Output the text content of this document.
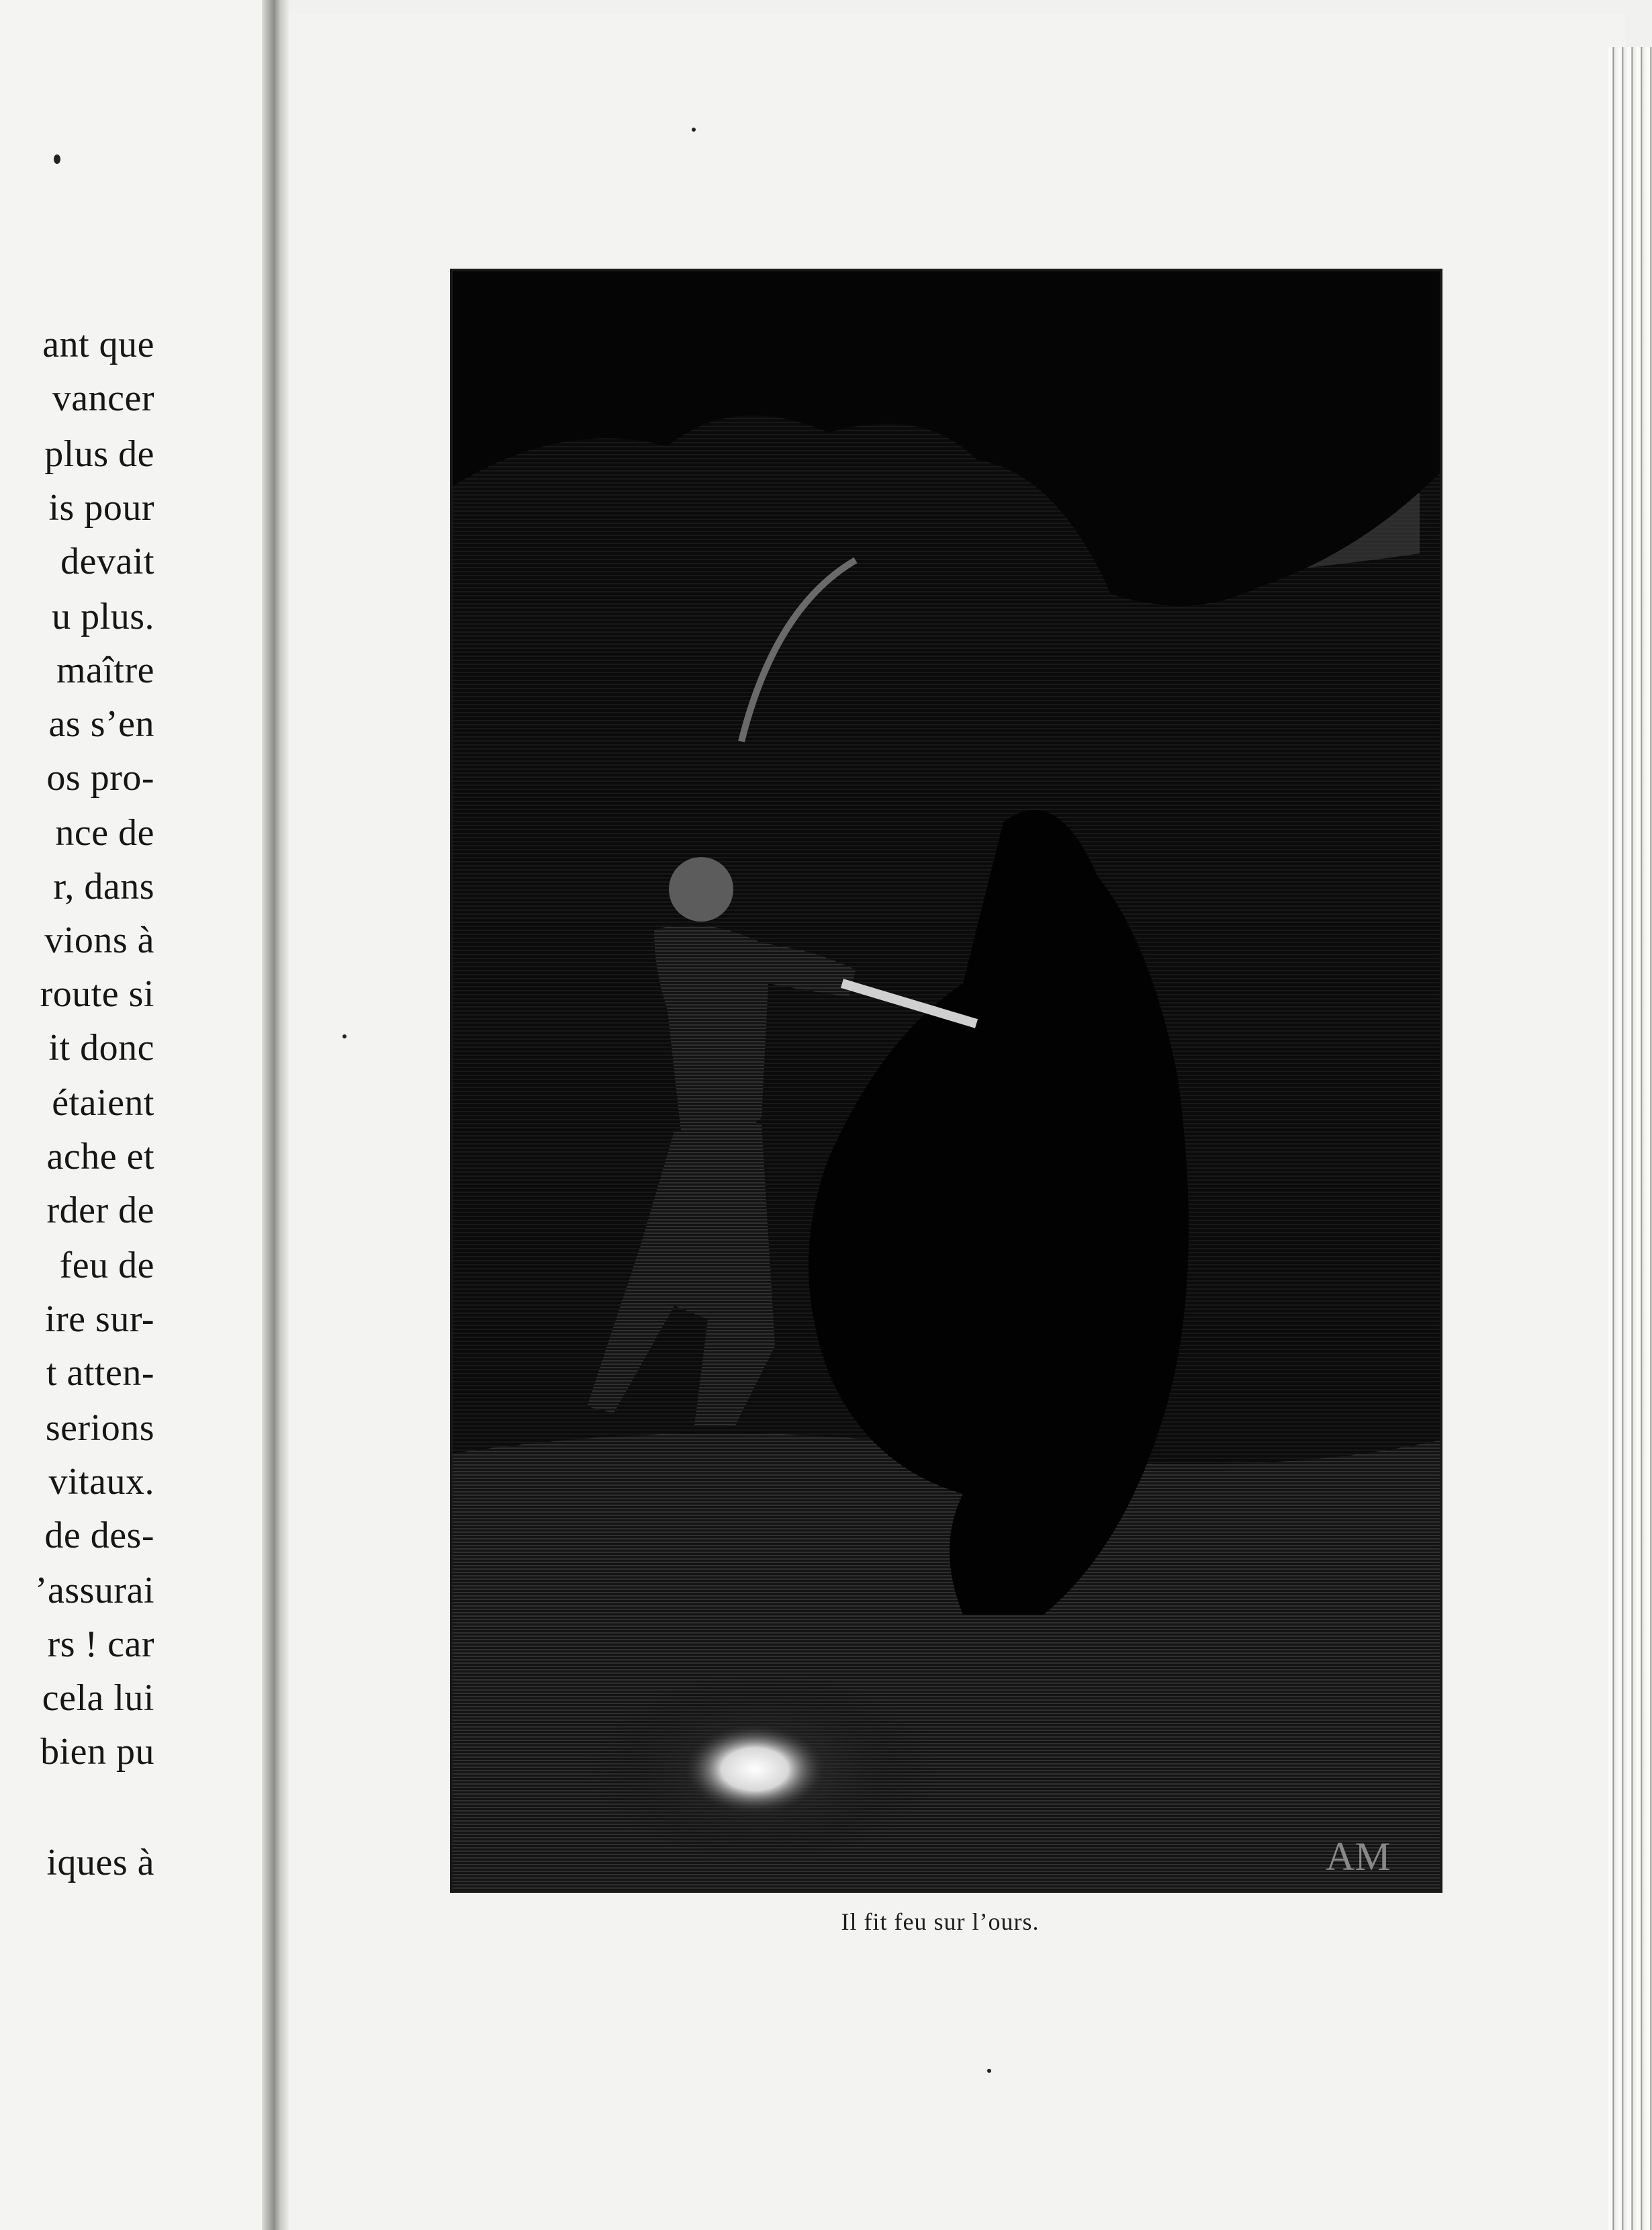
ant que
vancer
plus de
is pour
devait
u plus.
maître
as s’en
os pro-
nce de
r, dans
vions à
route si
it donc
étaient
ache et
rder de
feu de
ire sur-
t atten-
serions
vitaux.
de des-
’assurai
rs ! car
cela lui
bien pu
iques à	AM
Il fit feu sur l’ours.
